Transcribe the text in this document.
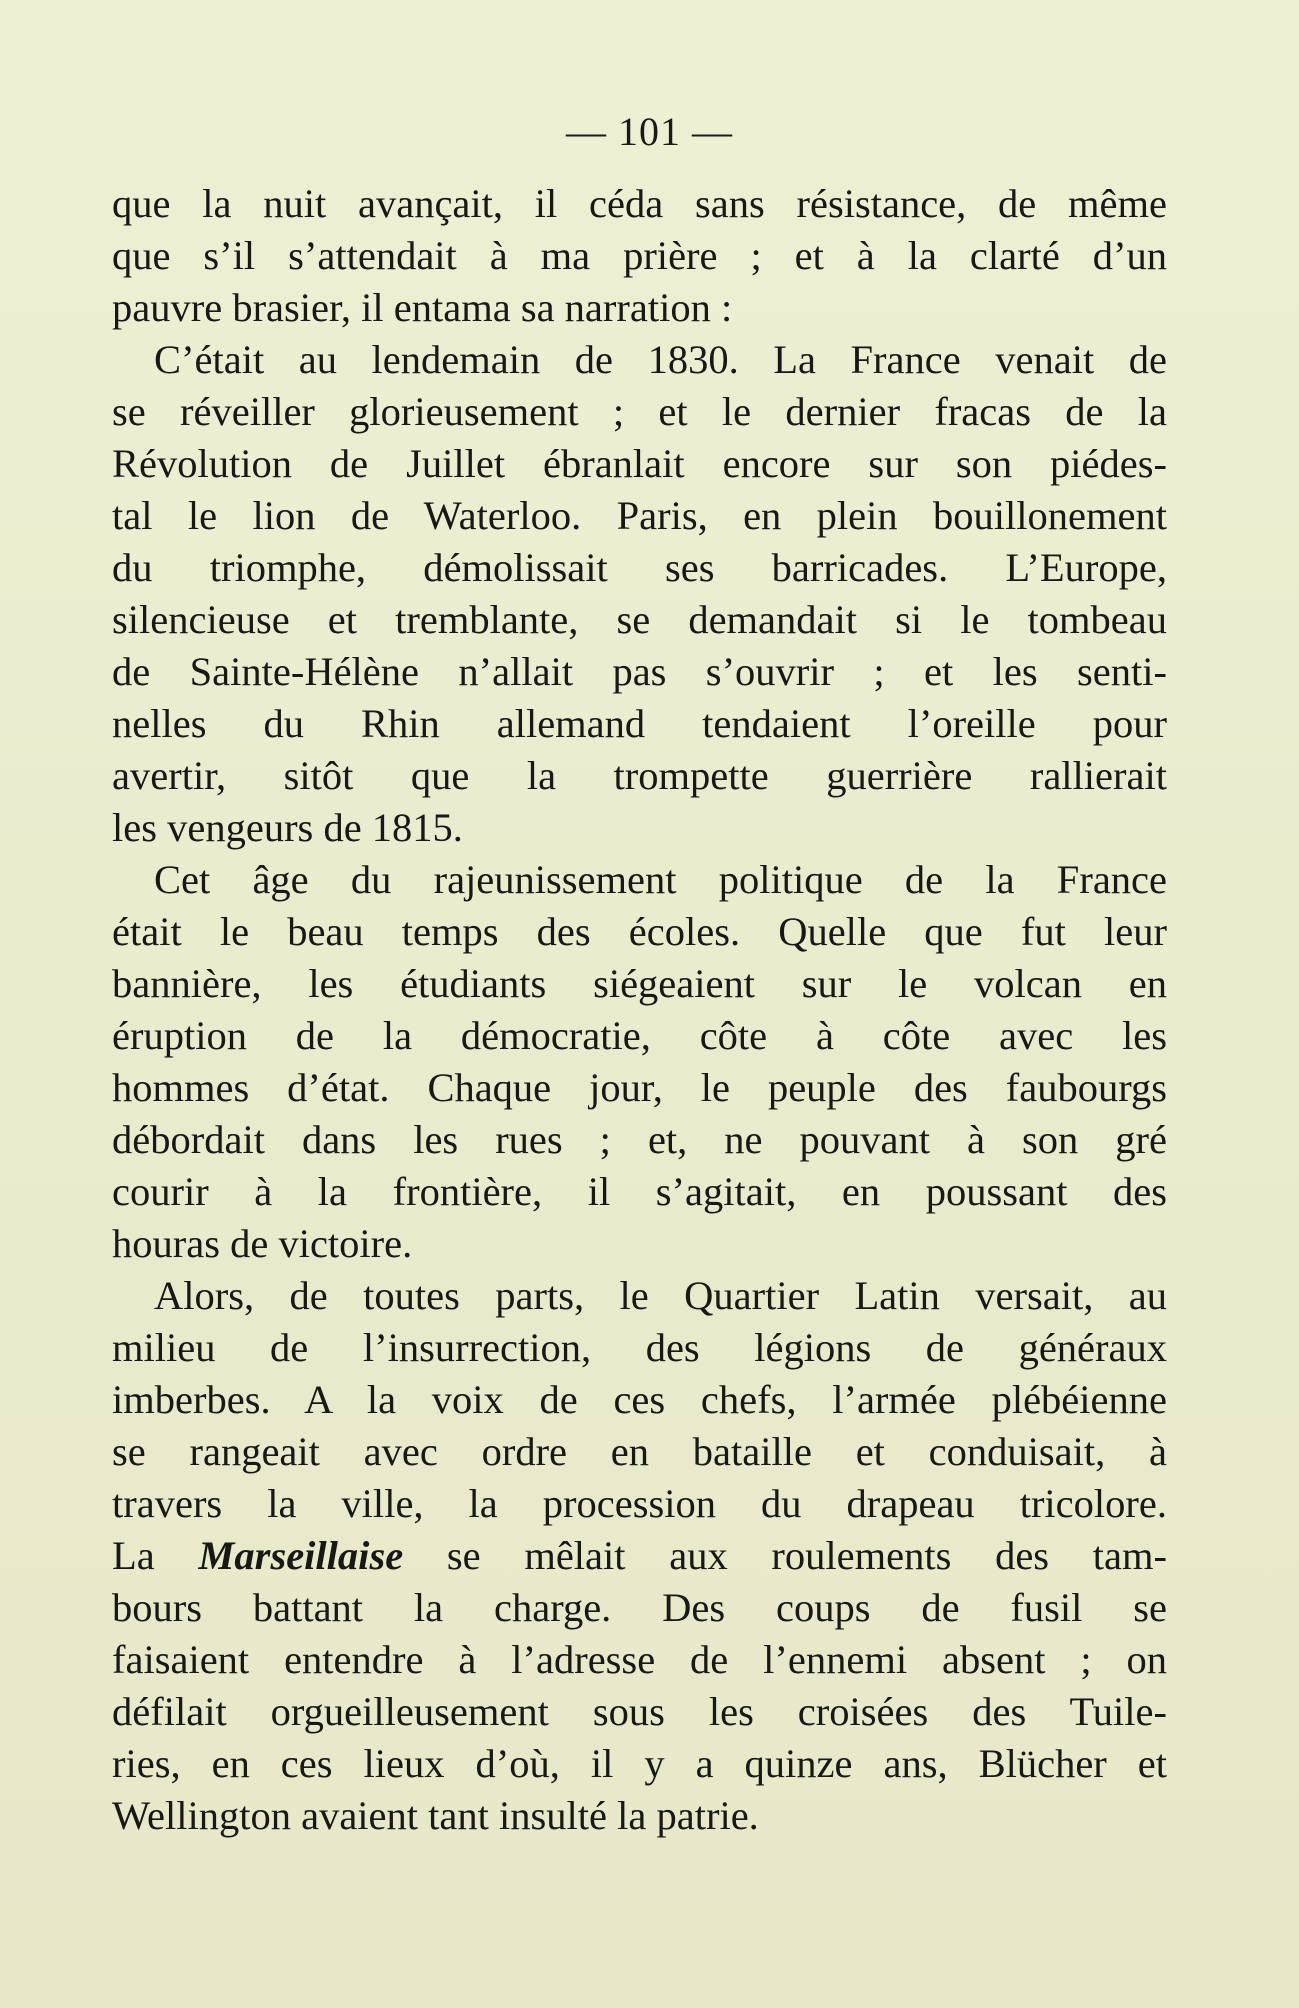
— 101 —
que la nuit avançait, il céda sans résistance, de même
que s’il s’attendait à ma prière ; et à la clarté d’un
pauvre brasier, il entama sa narration :
C’était au lendemain de 1830. La France venait de
se réveiller glorieusement ; et le dernier fracas de la
Révolution de Juillet ébranlait encore sur son piédes-
tal le lion de Waterloo. Paris, en plein bouillonement
du triomphe, démolissait ses barricades. L’Europe,
silencieuse et tremblante, se demandait si le tombeau
de Sainte-Hélène n’allait pas s’ouvrir ; et les senti-
nelles du Rhin allemand tendaient l’oreille pour
avertir, sitôt que la trompette guerrière rallierait
les vengeurs de 1815.
Cet âge du rajeunissement politique de la France
était le beau temps des écoles. Quelle que fut leur
bannière, les étudiants siégeaient sur le volcan en
éruption de la démocratie, côte à côte avec les
hommes d’état. Chaque jour, le peuple des faubourgs
débordait dans les rues ; et, ne pouvant à son gré
courir à la frontière, il s’agitait, en poussant des
houras de victoire.
Alors, de toutes parts, le Quartier Latin versait, au
milieu de l’insurrection, des légions de généraux
imberbes. A la voix de ces chefs, l’armée plébéienne
se rangeait avec ordre en bataille et conduisait, à
travers la ville, la procession du drapeau tricolore.
La Marseillaise se mêlait aux roulements des tam-
bours battant la charge. Des coups de fusil se
faisaient entendre à l’adresse de l’ennemi absent ; on
défilait orgueilleusement sous les croisées des Tuile-
ries, en ces lieux d’où, il y a quinze ans, Blücher et
Wellington avaient tant insulté la patrie.
